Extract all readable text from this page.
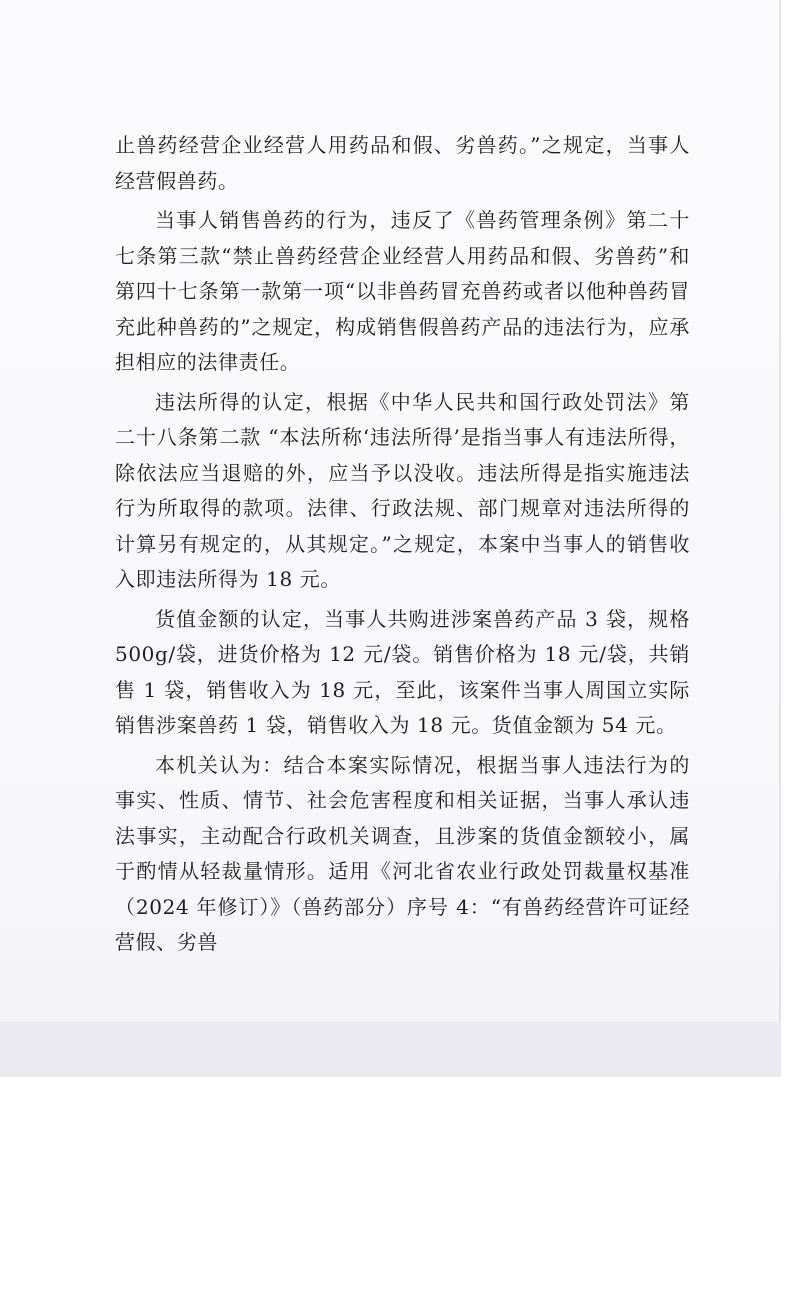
止兽药经营企业经营人用药品和假、劣兽药。”之规定，当事人经营假兽药。

当事人销售兽药的行为，违反了《兽药管理条例》第二十七条第三款“禁止兽药经营企业经营人用药品和假、劣兽药”和第四十七条第一款第一项“以非兽药冒充兽药或者以他种兽药冒充此种兽药的”之规定，构成销售假兽药产品的违法行为，应承担相应的法律责任。

违法所得的认定，根据《中华人民共和国行政处罚法》第二十八条第二款 “本法所称‘违法所得’是指当事人有违法所得，除依法应当退赔的外，应当予以没收。违法所得是指实施违法行为所取得的款项。法律、行政法规、部门规章对违法所得的计算另有规定的，从其规定。”之规定，本案中当事人的销售收入即违法所得为 18 元。

货值金额的认定，当事人共购进涉案兽药产品 3 袋，规格 500g/袋，进货价格为 12 元/袋。销售价格为 18 元/袋，共销售 1 袋，销售收入为 18 元，至此，该案件当事人周国立实际销售涉案兽药 1 袋，销售收入为 18 元。货值金额为 54 元。

本机关认为：结合本案实际情况，根据当事人违法行为的事实、性质、情节、社会危害程度和相关证据，当事人承认违法事实，主动配合行政机关调查，且涉案的货值金额较小，属于酌情从轻裁量情形。适用《河北省农业行政处罚裁量权基准（2024 年修订）》（兽药部分）序号 4：“有兽药经营许可证经营假、劣兽
